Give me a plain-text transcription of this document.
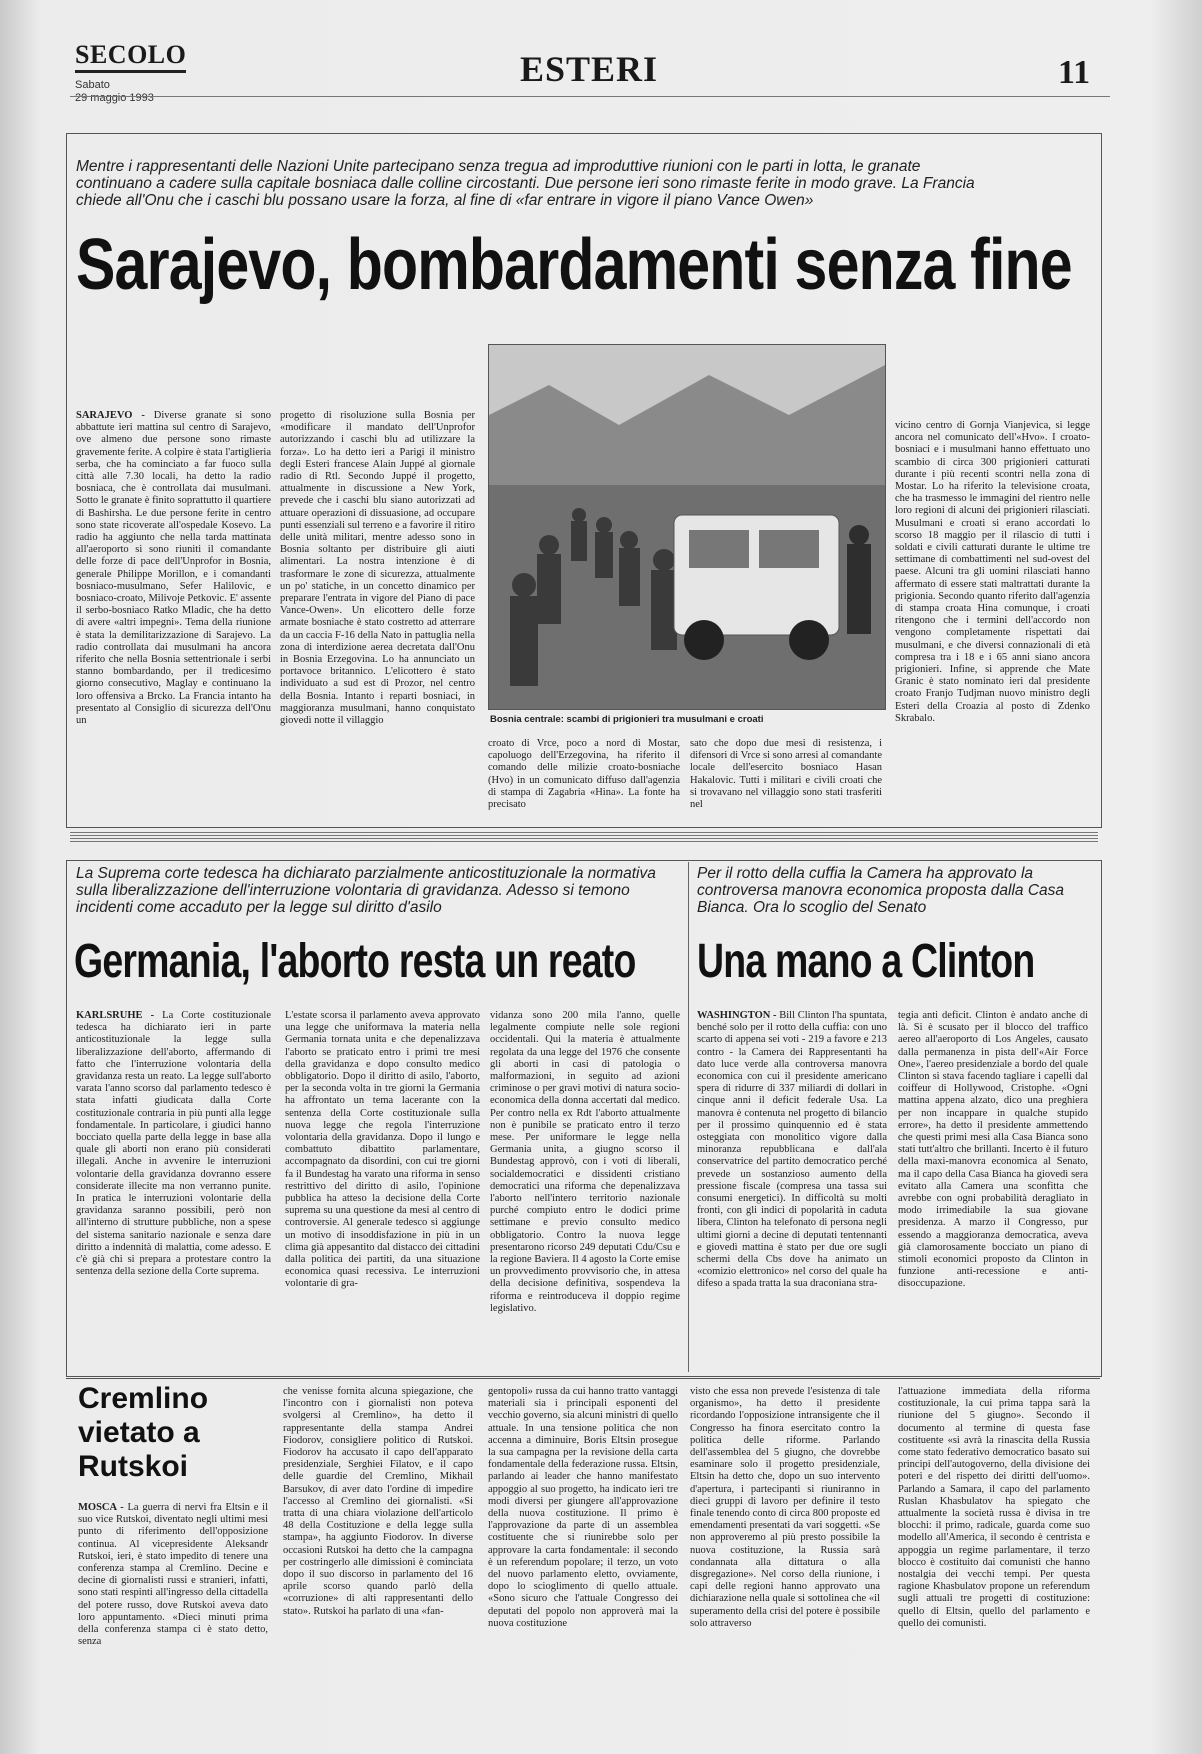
SECOLO
Sabato
29 maggio 1993
ESTERI	11
Mentre i rappresentanti delle Nazioni Unite partecipano senza tregua ad improduttive riunioni con le parti in lotta, le granate continuano a cadere sulla capitale bosniaca dalle colline circostanti. Due persone ieri sono rimaste ferite in modo grave. La Francia chiede all'Onu che i caschi blu possano usare la forza, al fine di «far entrare in vigore il piano Vance Owen»
Sarajevo, bombardamenti senza fine
SARAJEVO - Diverse granate si sono abbattute ieri mattina sul centro di Sarajevo, ove almeno due persone sono rimaste gravemente ferite. A colpire è stata l'artiglieria serba, che ha cominciato a far fuoco sulla città alle 7.30 locali, ha detto la radio bosniaca, che è controllata dai musulmani. Sotto le granate è finito soprattutto il quartiere di Bashirsha. Le due persone ferite in centro sono state ricoverate all'ospedale Kosevo. La radio ha aggiunto che nella tarda mattinata all'aeroporto si sono riuniti il comandante delle forze di pace dell'Unprofor in Bosnia, generale Philippe Morillon, e i comandanti bosniaco-musulmano, Sefer Halilovic, e bosniaco-croato, Milivoje Petkovic. E' assente il serbo-bosniaco Ratko Mladic, che ha detto di avere «altri impegni». Tema della riunione è stata la demilitarizzazione di Sarajevo. La radio controllata dai musulmani ha ancora riferito che nella Bosnia settentrionale i serbi stanno bombardando, per il tredicesimo giorno consecutivo, Maglay e continuano la loro offensiva a Brcko. La Francia intanto ha presentato al Consiglio di sicurezza dell'Onu un
progetto di risoluzione sulla Bosnia per «modificare il mandato dell'Unprofor autorizzando i caschi blu ad utilizzare la forza». Lo ha detto ieri a Parigi il ministro degli Esteri francese Alain Juppé al giornale radio di Rtl. Secondo Juppé il progetto, attualmente in discussione a New York, prevede che i caschi blu siano autorizzati ad attuare operazioni di dissuasione, ad occupare punti essenziali sul terreno e a favorire il ritiro delle unità militari, mentre adesso sono in Bosnia soltanto per distribuire gli aiuti alimentari. La nostra intenzione è di trasformare le zone di sicurezza, attualmente un po' statiche, in un concetto dinamico per preparare l'entrata in vigore del Piano di pace Vance-Owen». Un elicottero delle forze armate bosniache è stato costretto ad atterrare da un caccia F-16 della Nato in pattuglia nella zona di interdizione aerea decretata dall'Onu in Bosnia Erzegovina. Lo ha annunciato un portavoce britannico. L'elicottero è stato individuato a sud est di Prozor, nel centro della Bosnia. Intanto i reparti bosniaci, in maggioranza musulmani, hanno conquistato giovedì notte il villaggio	Bosnia centrale: scambi di prigionieri tra musulmani e croati
croato di Vrce, poco a nord di Mostar, capoluogo dell'Erzegovina, ha riferito il comando delle milizie croato-bosniache (Hvo) in un comunicato diffuso dall'agenzia di stampa di Zagabria «Hina». La fonte ha precisato
sato che dopo due mesi di resistenza, i difensori di Vrce si sono arresi al comandante locale dell'esercito bosniaco Hasan Hakalovic. Tutti i militari e civili croati che si trovavano nel villaggio sono stati trasferiti nel
vicino centro di Gornja Vianjevica, si legge ancora nel comunicato dell'«Hvo». I croato-bosniaci e i musulmani hanno effettuato uno scambio di circa 300 prigionieri catturati durante i più recenti scontri nella zona di Mostar. Lo ha riferito la televisione croata, che ha trasmesso le immagini del rientro nelle loro regioni di alcuni dei prigionieri rilasciati. Musulmani e croati si erano accordati lo scorso 18 maggio per il rilascio di tutti i soldati e civili catturati durante le ultime tre settimane di combattimenti nel sud-ovest del paese. Alcuni tra gli uomini rilasciati hanno affermato di essere stati maltrattati durante la prigionia. Secondo quanto riferito dall'agenzia di stampa croata Hina comunque, i croati ritengono che i termini dell'accordo non vengono completamente rispettati dai musulmani, e che diversi connazionali di età compresa tra i 18 e i 65 anni siano ancora prigionieri. Infine, si apprende che Mate Granic è stato nominato ieri dal presidente croato Franjo Tudjman nuovo ministro degli Esteri della Croazia al posto di Zdenko Skrabalo.
La Suprema corte tedesca ha dichiarato parzialmente anticostituzionale la normativa sulla liberalizzazione dell'interruzione volontaria di gravidanza. Adesso si temono incidenti come accaduto per la legge sul diritto d'asilo
Germania, l'aborto resta un reato
KARLSRUHE - La Corte costituzionale tedesca ha dichiarato ieri in parte anticostituzionale la legge sulla liberalizzazione dell'aborto, affermando di fatto che l'interruzione volontaria della gravidanza resta un reato. La legge sull'aborto varata l'anno scorso dal parlamento tedesco è stata infatti giudicata dalla Corte costituzionale contraria in più punti alla legge fondamentale. In particolare, i giudici hanno bocciato quella parte della legge in base alla quale gli aborti non erano più considerati illegali. Anche in avvenire le interruzioni volontarie della gravidanza dovranno essere considerate illecite ma non verranno punite. In pratica le interruzioni volontarie della gravidanza saranno possibili, però non all'interno di strutture pubbliche, non a spese del sistema sanitario nazionale e senza dare diritto a indennità di malattia, come adesso. E c'è già chi si prepara a protestare contro la sentenza della sezione della Corte suprema.
L'estate scorsa il parlamento aveva approvato una legge che uniformava la materia nella Germania tornata unita e che depenalizzava l'aborto se praticato entro i primi tre mesi della gravidanza e dopo consulto medico obbligatorio. Dopo il diritto di asilo, l'aborto, per la seconda volta in tre giorni la Germania ha affrontato un tema lacerante con la sentenza della Corte costituzionale sulla nuova legge che regola l'interruzione volontaria della gravidanza. Dopo il lungo e combattuto dibattito parlamentare, accompagnato da disordini, con cui tre giorni fa il Bundestag ha varato una riforma in senso restrittivo del diritto di asilo, l'opinione pubblica ha atteso la decisione della Corte suprema su una questione da mesi al centro di controversie. Al generale tedesco si aggiunge un motivo di insoddisfazione in più in un clima già appesantito dal distacco dei cittadini dalla politica dei partiti, da una situazione economica quasi recessiva. Le interruzioni volontarie di gra-
vidanza sono 200 mila l'anno, quelle legalmente compiute nelle sole regioni occidentali. Qui la materia è attualmente regolata da una legge del 1976 che consente gli aborti in casi di patologia o malformazioni, in seguito ad azioni criminose o per gravi motivi di natura socio-economica della donna accertati dal medico. Per contro nella ex Rdt l'aborto attualmente non è punibile se praticato entro il terzo mese. Per uniformare le legge nella Germania unita, a giugno scorso il Bundestag approvò, con i voti di liberali, socialdemocratici e dissidenti cristiano democratici una riforma che depenalizzava l'aborto nell'intero territorio nazionale purché compiuto entro le dodici prime settimane e previo consulto medico obbligatorio. Contro la nuova legge presentarono ricorso 249 deputati Cdu/Csu e la regione Baviera. Il 4 agosto la Corte emise un provvedimento provvisorio che, in attesa della decisione definitiva, sospendeva la riforma e reintroduceva il doppio regime legislativo.
Per il rotto della cuffia la Camera ha approvato la controversa manovra economica proposta dalla Casa Bianca. Ora lo scoglio del Senato
Una mano a Clinton
WASHINGTON - Bill Clinton l'ha spuntata, benché solo per il rotto della cuffia: con uno scarto di appena sei voti - 219 a favore e 213 contro - la Camera dei Rappresentanti ha dato luce verde alla controversa manovra economica con cui il presidente americano spera di ridurre di 337 miliardi di dollari in cinque anni il deficit federale Usa. La manovra è contenuta nel progetto di bilancio per il prossimo quinquennio ed è stata osteggiata con monolitico vigore dalla minoranza repubblicana e dall'ala conservatrice del partito democratico perché prevede un sostanzioso aumento della pressione fiscale (compresa una tassa sui consumi energetici). In difficoltà su molti fronti, con gli indici di popolarità in caduta libera, Clinton ha telefonato di persona negli ultimi giorni a decine di deputati tentennanti e giovedì mattina è stato per due ore sugli schermi della Cbs dove ha animato un «comizio elettronico» nel corso del quale ha difeso a spada tratta la sua draconiana stra-
tegia anti deficit. Clinton è andato anche di là. Si è scusato per il blocco del traffico aereo all'aeroporto di Los Angeles, causato dalla permanenza in pista dell'«Air Force One», l'aereo presidenziale a bordo del quale Clinton si stava facendo tagliare i capelli dal coiffeur di Hollywood, Cristophe. «Ogni mattina appena alzato, dico una preghiera per non incappare in qualche stupido errore», ha detto il presidente ammettendo che questi primi mesi alla Casa Bianca sono stati tutt'altro che brillanti. Incerto è il futuro della maxi-manovra economica al Senato, ma il capo della Casa Bianca ha giovedì sera evitato alla Camera una sconfitta che avrebbe con ogni probabilità deragliato in modo irrimediabile la sua giovane presidenza. A marzo il Congresso, pur essendo a maggioranza democratica, aveva già clamorosamente bocciato un piano di stimoli economici proposto da Clinton in funzione anti-recessione e anti-disoccupazione.
Cremlino vietato a Rutskoi
MOSCA - La guerra di nervi fra Eltsin e il suo vice Rutskoi, diventato negli ultimi mesi punto di riferimento dell'opposizione continua. Al vicepresidente Aleksandr Rutskoi, ieri, è stato impedito di tenere una conferenza stampa al Cremlino. Decine e decine di giornalisti russi e stranieri, infatti, sono stati respinti all'ingresso della cittadella del potere russo, dove Rutskoi aveva dato loro appuntamento. «Dieci minuti prima della conferenza stampa ci è stato detto, senza
che venisse fornita alcuna spiegazione, che l'incontro con i giornalisti non poteva svolgersi al Cremlino», ha detto il rappresentante della stampa Andrei Fiodorov, consigliere politico di Rutskoi. Fiodorov ha accusato il capo dell'apparato presidenziale, Serghiei Filatov, e il capo delle guardie del Cremlino, Mikhail Barsukov, di aver dato l'ordine di impedire l'accesso al Cremlino dei giornalisti. «Si tratta di una chiara violazione dell'articolo 48 della Costituzione e della legge sulla stampa», ha aggiunto Fiodorov. In diverse occasioni Rutskoi ha detto che la campagna per costringerlo alle dimissioni è cominciata dopo il suo discorso in parlamento del 16 aprile scorso quando parlò della «corruzione» di alti rappresentanti dello stato». Rutskoi ha parlato di una «fan-
gentopoli» russa da cui hanno tratto vantaggi materiali sia i principali esponenti del vecchio governo, sia alcuni ministri di quello attuale. In una tensione politica che non accenna a diminuire, Boris Eltsin prosegue la sua campagna per la revisione della carta fondamentale della federazione russa. Eltsin, parlando ai leader che hanno manifestato appoggio al suo progetto, ha indicato ieri tre modi diversi per giungere all'approvazione della nuova costituzione. Il primo è l'approvazione da parte di un assemblea costituente che si riunirebbe solo per approvare la carta fondamentale: il secondo è un referendum popolare; il terzo, un voto del nuovo parlamento eletto, ovviamente, dopo lo scioglimento di quello attuale. «Sono sicuro che l'attuale Congresso dei deputati del popolo non approverà mai la nuova costituzione
visto che essa non prevede l'esistenza di tale organismo», ha detto il presidente ricordando l'opposizione intransigente che il Congresso ha finora esercitato contro la politica delle riforme. Parlando dell'assemblea del 5 giugno, che dovrebbe esaminare solo il progetto presidenziale, Eltsin ha detto che, dopo un suo intervento d'apertura, i partecipanti si riuniranno in dieci gruppi di lavoro per definire il testo finale tenendo conto di circa 800 proposte ed emendamenti presentati da vari soggetti. «Se non approveremo al più presto possibile la nuova costituzione, la Russia sarà condannata alla dittatura o alla disgregazione». Nel corso della riunione, i capi delle regioni hanno approvato una dichiarazione nella quale si sottolinea che «il superamento della crisi del potere è possibile solo attraverso
l'attuazione immediata della riforma costituzionale, la cui prima tappa sarà la riunione del 5 giugno». Secondo il documento al termine di questa fase costituente «si avrà la rinascita della Russia come stato federativo democratico basato sui principi dell'autogoverno, della divisione dei poteri e del rispetto dei diritti dell'uomo». Parlando a Samara, il capo del parlamento Ruslan Khasbulatov ha spiegato che attualmente la società russa è divisa in tre blocchi: il primo, radicale, guarda come suo modello all'America, il secondo è centrista e appoggia un regime parlamentare, il terzo blocco è costituito dai comunisti che hanno nostalgia dei vecchi tempi. Per questa ragione Khasbulatov propone un referendum sugli attuali tre progetti di costituzione: quello di Eltsin, quello del parlamento e quello dei comunisti.
